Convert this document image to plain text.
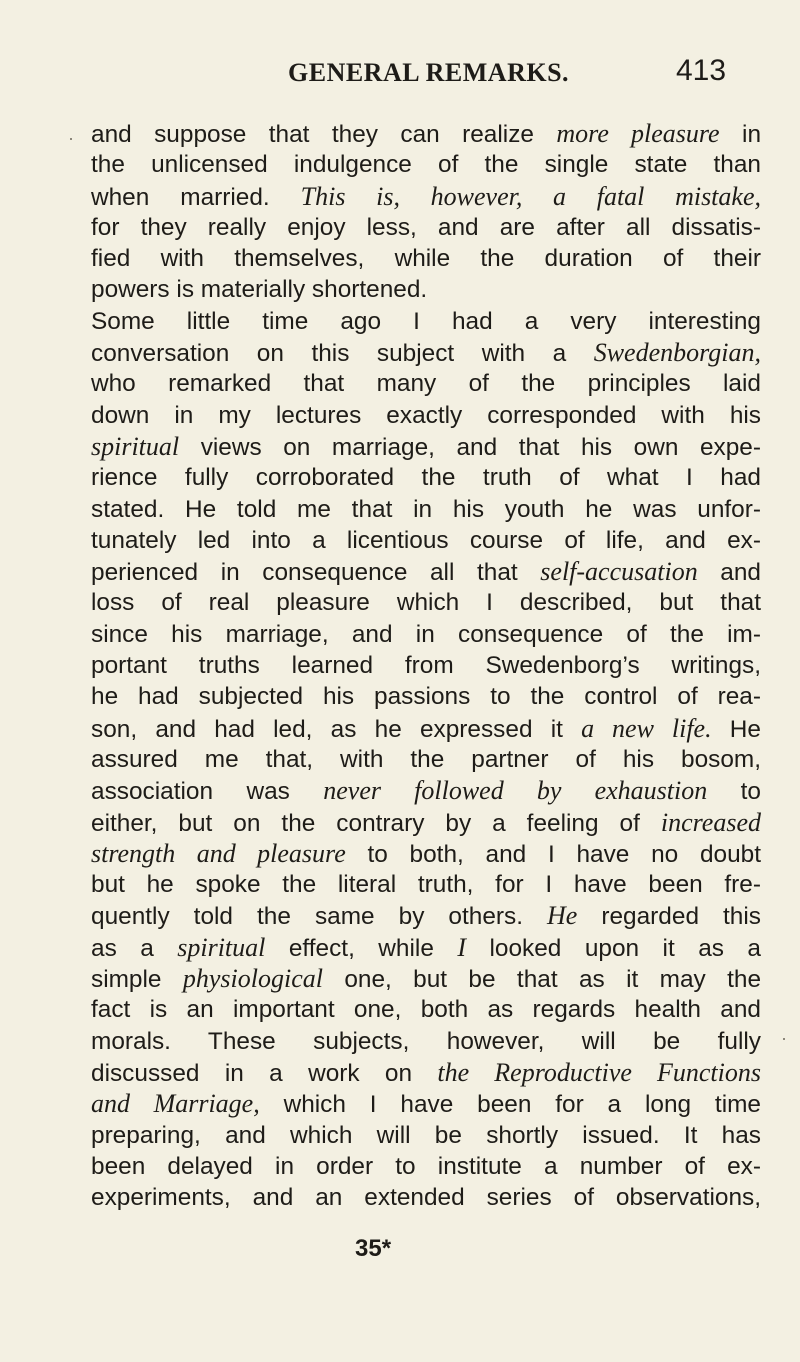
GENERAL REMARKS.	413
and suppose that they can realize more pleasure in
the unlicensed indulgence of the single state than
when married. This is, however, a fatal mistake,
for they really enjoy less, and are after all dissatis-
fied with themselves, while the duration of their
powers is materially shortened.
Some little time ago I had a very interesting
conversation on this subject with a Swedenborgian,
who remarked that many of the principles laid
down in my lectures exactly corresponded with his
spiritual views on marriage, and that his own expe-
rience fully corroborated the truth of what I had
stated. He told me that in his youth he was unfor-
tunately led into a licentious course of life, and ex-
perienced in consequence all that self-accusation and
loss of real pleasure which I described, but that
since his marriage, and in consequence of the im-
portant truths learned from Swedenborg’s writings,
he had subjected his passions to the control of rea-
son, and had led, as he expressed it a new life. He
assured me that, with the partner of his bosom,
association was never followed by exhaustion to
either, but on the contrary by a feeling of increased
strength and pleasure to both, and I have no doubt
but he spoke the literal truth, for I have been fre-
quently told the same by others. He regarded this
as a spiritual effect, while I looked upon it as a
simple physiological one, but be that as it may the
fact is an important one, both as regards health and
morals. These subjects, however, will be fully
discussed in a work on the Reproductive Functions
and Marriage, which I have been for a long time
preparing, and which will be shortly issued. It has
been delayed in order to institute a number of ex-
experiments, and an extended series of observations,
35*
